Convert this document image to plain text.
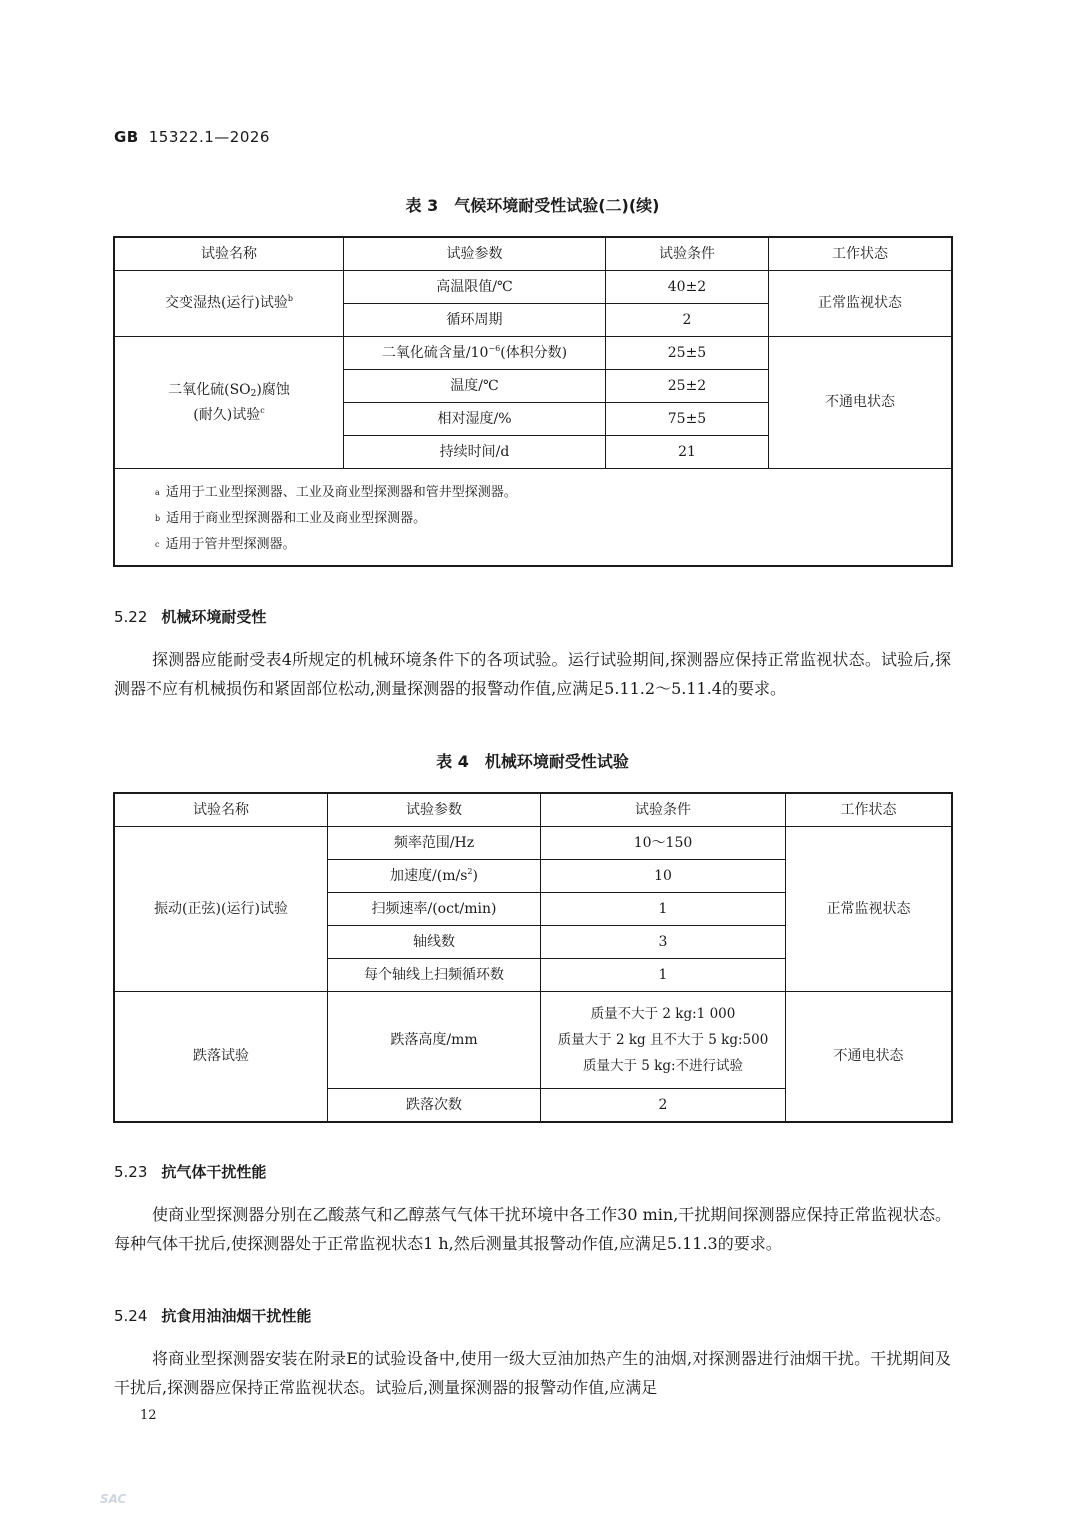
GB 15322.1—2026
表 3 气候环境耐受性试验(二)(续)
试验名称	试验参数	试验条件	工作状态
交变湿热(运行)试验$^b$	高温限值/℃	40±2	正常监视状态
	循环周期	2	

二氧化硫(SO2)腐蚀
(耐久)试验$^c$	二氧化硫含量$/10^{-6}$(体积分数)	25±5	不通电状态
	温度/℃	25±2	
	相对湿度/%	75±5	
	持续时间/d	21	

$^a$ 适用于工业型探测器、工业及商业型探测器和管井型探测器。
$^b$ 适用于商业型探测器和工业及商业型探测器。
$^c$ 适用于管井型探测器。			
5.22 机械环境耐受性
探测器应能耐受表4所规定的机械环境条件下的各项试验。运行试验期间,探测器应保持正常监视状态。试验后,探测器不应有机械损伤和紧固部位松动,测量探测器的报警动作值,应满足5.11.2～5.11.4的要求。
表 4 机械环境耐受性试验
试验名称	试验参数	试验条件	工作状态
振动(正弦)(运行)试验	频率范围/Hz	10～150	正常监视状态
	加速度$/(m/s^2)$	10	
	扫频速率/(oct/min)	1	
	轴线数	3	
	每个轴线上扫频循环数	1	
跌落试验	跌落高度/mm	质量不大于 2 kg:1 000
质量大于 2 kg 且不大于 5 kg:500
质量大于 5 kg:不进行试验	不通电状态
	跌落次数	2	
5.23 抗气体干扰性能
使商业型探测器分别在乙酸蒸气和乙醇蒸气气体干扰环境中各工作30 min,干扰期间探测器应保持正常监视状态。每种气体干扰后,使探测器处于正常监视状态1 h,然后测量其报警动作值,应满足5.11.3的要求。
5.24 抗食用油油烟干扰性能
将商业型探测器安装在附录E的试验设备中,使用一级大豆油加热产生的油烟,对探测器进行油烟干扰。干扰期间及干扰后,探测器应保持正常监视状态。试验后,测量探测器的报警动作值,应满足
12
SAC
